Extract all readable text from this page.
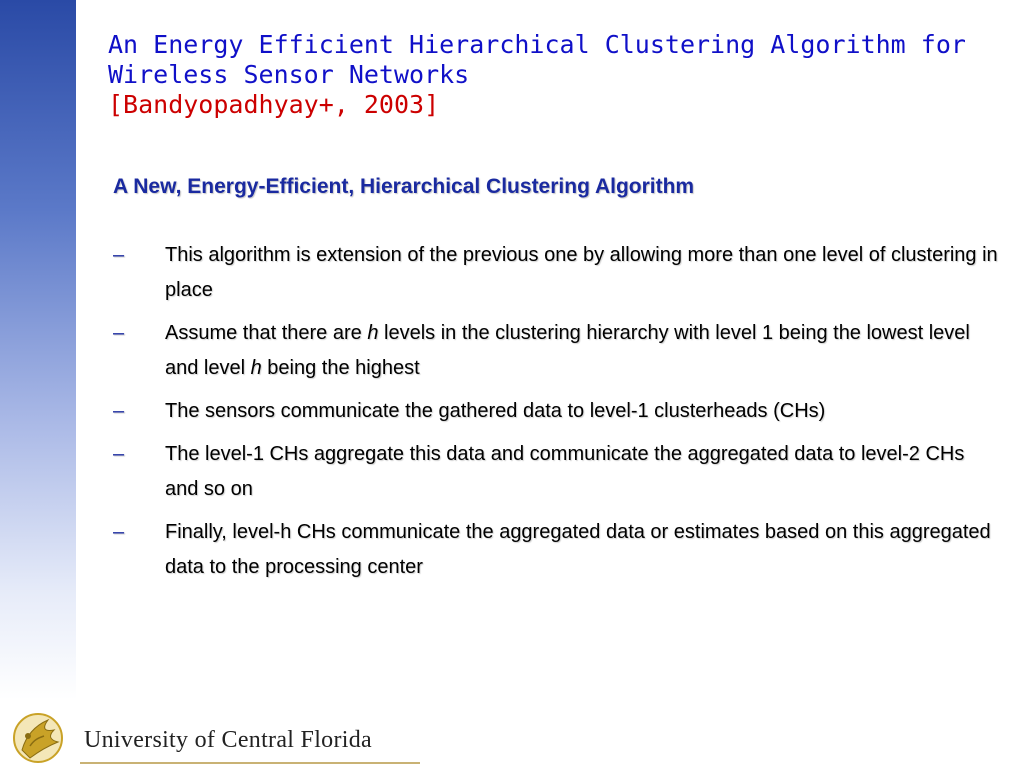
An Energy Efficient Hierarchical Clustering Algorithm for
Wireless Sensor Networks
[Bandyopadhyay+, 2003]
A New, Energy-Efficient, Hierarchical Clustering Algorithm
– This algorithm is extension of the previous one by allowing more than one level of clustering in place
– Assume that there are h levels in the clustering hierarchy with level 1 being the lowest level and level h being the highest
– The sensors communicate the gathered data to level-1 clusterheads (CHs)
– The level-1 CHs aggregate this data and communicate the aggregated data to level-2 CHs and so on
– Finally, level-h CHs communicate the aggregated data or estimates based on this aggregated data to the processing center
University of Central Florida
